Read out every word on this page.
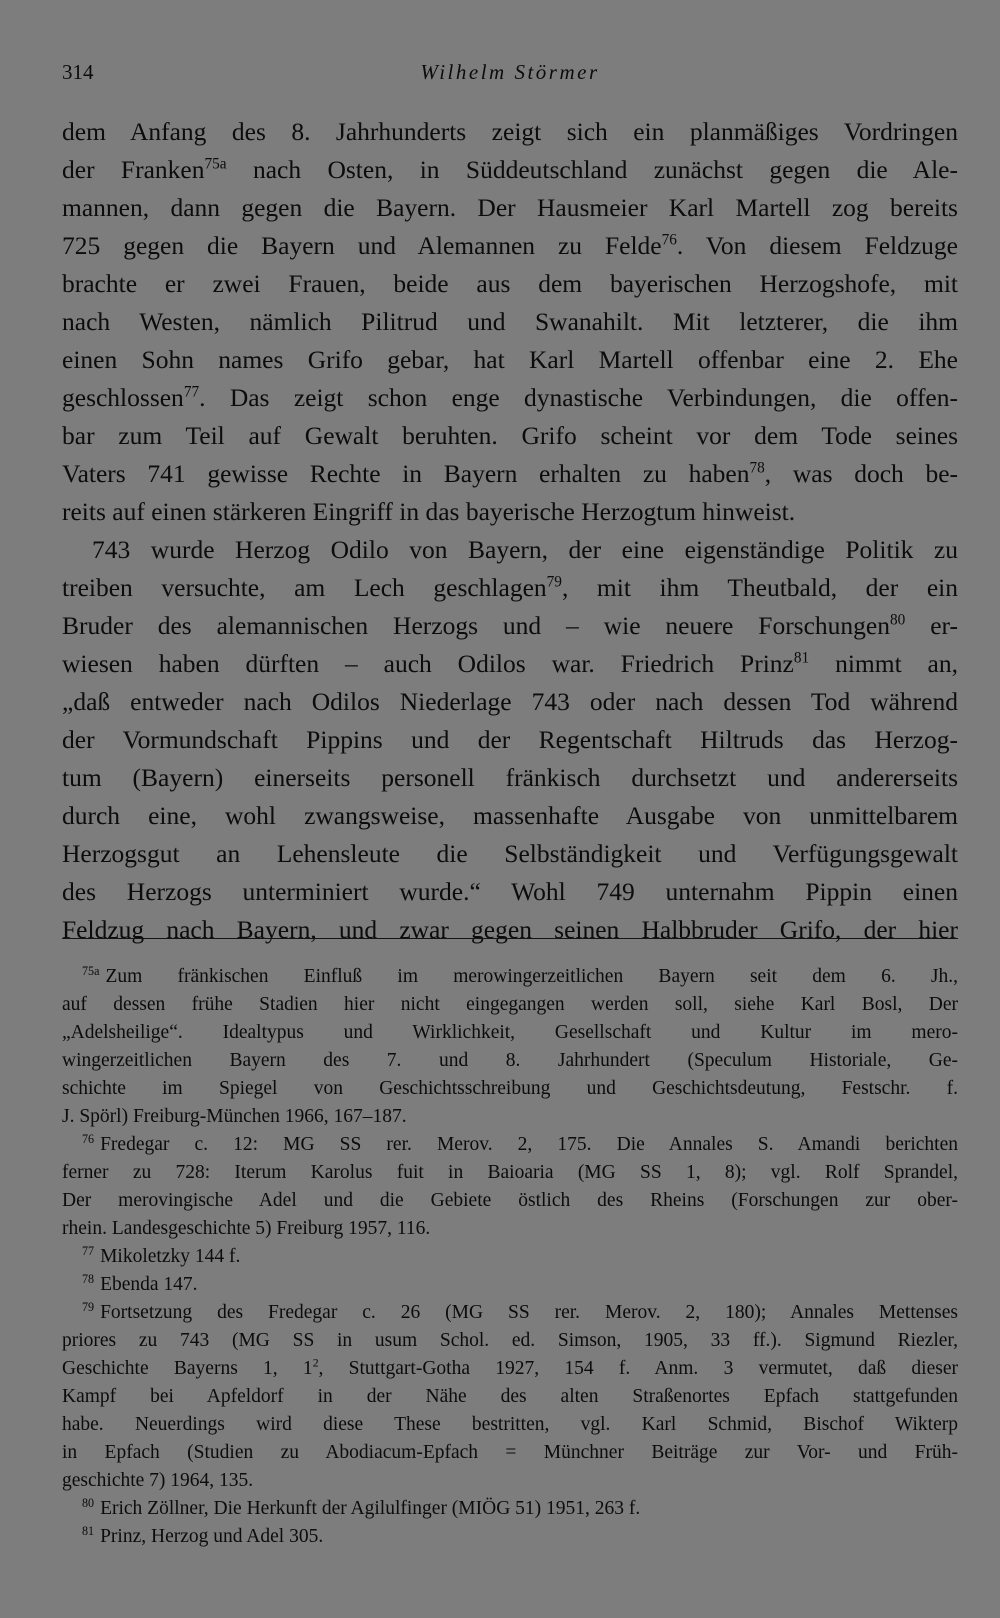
314	Wilhelm Störmer
dem Anfang des 8. Jahrhunderts zeigt sich ein planmäßiges Vordringen
der Franken$^{75a}$ nach Osten, in Süddeutschland zunächst gegen die Ale-
mannen, dann gegen die Bayern. Der Hausmeier Karl Martell zog bereits
725 gegen die Bayern und Alemannen zu Felde$^{76}$. Von diesem Feldzuge
brachte er zwei Frauen, beide aus dem bayerischen Herzogshofe, mit
nach Westen, nämlich Pilitrud und Swanahilt. Mit letzterer, die ihm
einen Sohn names Grifo gebar, hat Karl Martell offenbar eine 2. Ehe
geschlossen$^{77}$. Das zeigt schon enge dynastische Verbindungen, die offen-
bar zum Teil auf Gewalt beruhten. Grifo scheint vor dem Tode seines
Vaters 741 gewisse Rechte in Bayern erhalten zu haben$^{78}$, was doch be-
reits auf einen stärkeren Eingriff in das bayerische Herzogtum hinweist.
743 wurde Herzog Odilo von Bayern, der eine eigenständige Politik zu
treiben versuchte, am Lech geschlagen$^{79}$, mit ihm Theutbald, der ein
Bruder des alemannischen Herzogs und – wie neuere Forschungen$^{80}$ er-
wiesen haben dürften – auch Odilos war. Friedrich Prinz$^{81}$ nimmt an,
„daß entweder nach Odilos Niederlage 743 oder nach dessen Tod während
der Vormundschaft Pippins und der Regentschaft Hiltruds das Herzog-
tum (Bayern) einerseits personell fränkisch durchsetzt und andererseits
durch eine, wohl zwangsweise, massenhafte Ausgabe von unmittelbarem
Herzogsgut an Lehensleute die Selbständigkeit und Verfügungsgewalt
des Herzogs unterminiert wurde.“ Wohl 749 unternahm Pippin einen
Feldzug nach Bayern, und zwar gegen seinen Halbbruder Grifo, der hier
$^{75a}$ Zum fränkischen Einfluß im merowingerzeitlichen Bayern seit dem 6. Jh.,
auf dessen frühe Stadien hier nicht eingegangen werden soll, siehe Karl Bosl, Der
„Adelsheilige“. Idealtypus und Wirklichkeit, Gesellschaft und Kultur im mero-
wingerzeitlichen Bayern des 7. und 8. Jahrhundert (Speculum Historiale, Ge-
schichte im Spiegel von Geschichtsschreibung und Geschichtsdeutung, Festschr. f.
J. Spörl) Freiburg-München 1966, 167–187.
$^{76}$ Fredegar c. 12: MG SS rer. Merov. 2, 175. Die Annales S. Amandi berichten
ferner zu 728: Iterum Karolus fuit in Baioaria (MG SS 1, 8); vgl. Rolf Sprandel,
Der merovingische Adel und die Gebiete östlich des Rheins (Forschungen zur ober-
rhein. Landesgeschichte 5) Freiburg 1957, 116.
$^{77}$ Mikoletzky 144 f.
$^{78}$ Ebenda 147.
$^{79}$ Fortsetzung des Fredegar c. 26 (MG SS rer. Merov. 2, 180); Annales Mettenses
priores zu 743 (MG SS in usum Schol. ed. Simson, 1905, 33 ff.). Sigmund Riezler,
Geschichte Bayerns 1, $1^2$, Stuttgart-Gotha 1927, 154 f. Anm. 3 vermutet, daß dieser
Kampf bei Apfeldorf in der Nähe des alten Straßenortes Epfach stattgefunden
habe. Neuerdings wird diese These bestritten, vgl. Karl Schmid, Bischof Wikterp
in Epfach (Studien zu Abodiacum-Epfach = Münchner Beiträge zur Vor- und Früh-
geschichte 7) 1964, 135.
$^{80}$ Erich Zöllner, Die Herkunft der Agilulfinger (MIÖG 51) 1951, 263 f.
$^{81}$ Prinz, Herzog und Adel 305.
